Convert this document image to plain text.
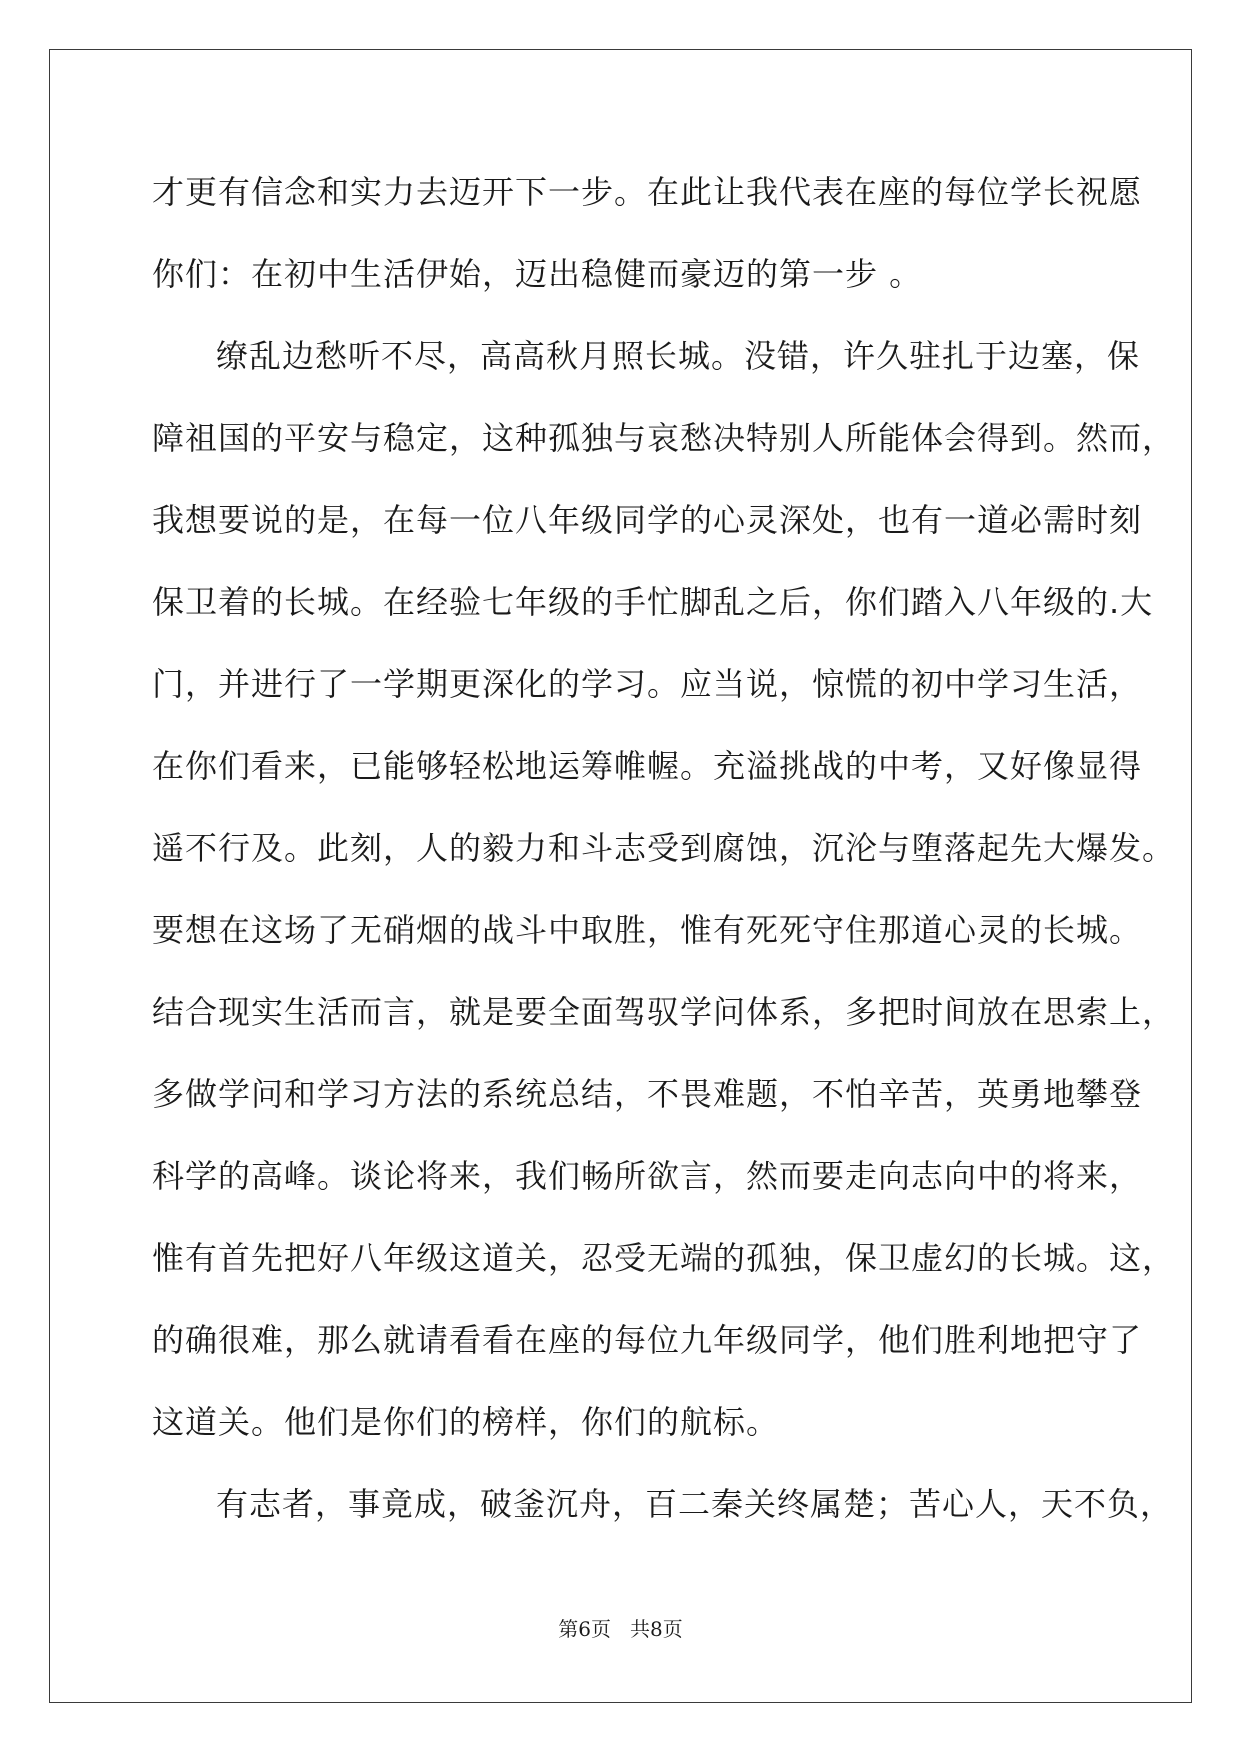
才更有信念和实力去迈开下一步。在此让我代表在座的每位学长祝愿
你们：在初中生活伊始，迈出稳健而豪迈的第一步 。
缭乱边愁听不尽，高高秋月照长城。没错，许久驻扎于边塞，保
障祖国的平安与稳定，这种孤独与哀愁决特别人所能体会得到。然而，
我想要说的是，在每一位八年级同学的心灵深处，也有一道必需时刻
保卫着的长城。在经验七年级的手忙脚乱之后，你们踏入八年级的.大
门，并进行了一学期更深化的学习。应当说，惊慌的初中学习生活，
在你们看来，已能够轻松地运筹帷幄。充溢挑战的中考，又好像显得
遥不行及。此刻，人的毅力和斗志受到腐蚀，沉沦与堕落起先大爆发。
要想在这场了无硝烟的战斗中取胜，惟有死死守住那道心灵的长城。
结合现实生活而言，就是要全面驾驭学问体系，多把时间放在思索上，
多做学问和学习方法的系统总结，不畏难题，不怕辛苦，英勇地攀登
科学的高峰。谈论将来，我们畅所欲言，然而要走向志向中的将来，
惟有首先把好八年级这道关，忍受无端的孤独，保卫虚幻的长城。这，
的确很难，那么就请看看在座的每位九年级同学，他们胜利地把守了
这道关。他们是你们的榜样，你们的航标。
有志者，事竟成，破釜沉舟，百二秦关终属楚；苦心人，天不负，
第6页 共8页
